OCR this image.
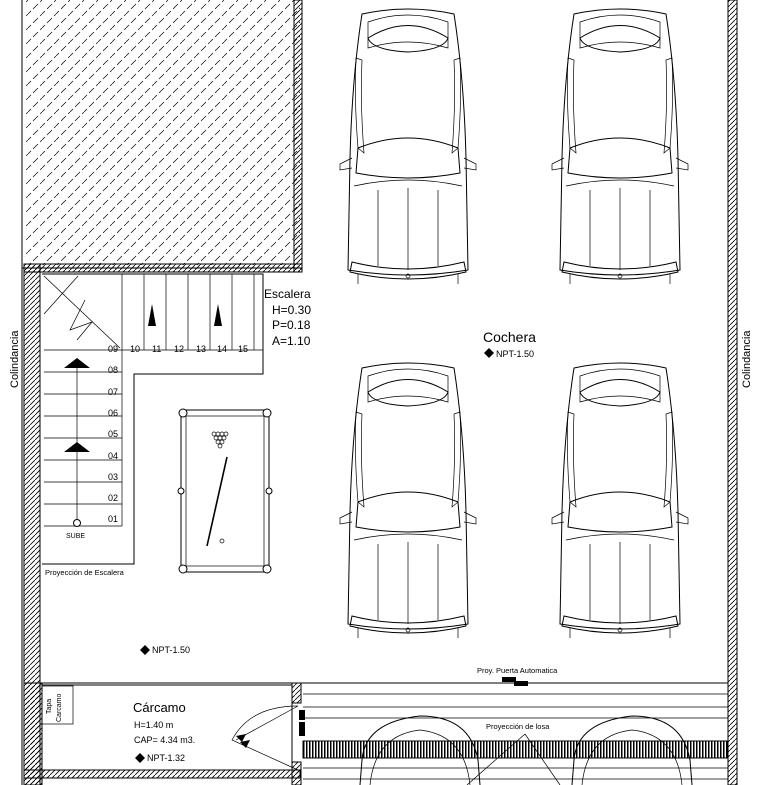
Colindancia	Colindancia
09
08
07
06
05
04
03
02
01
10 11 12 13 14 15
SUBE
Proyección de Escalera
Escalera
H=0.30
P=0.18
A=1.10	Cochera
NPT-1.50
NPT-1.50
Tapa Carcamo	Cárcamo
H=1.40 m
CAP= 4.34 m3.
NPT-1.32
Proy. Puerta Automatica
Proyección de losa
